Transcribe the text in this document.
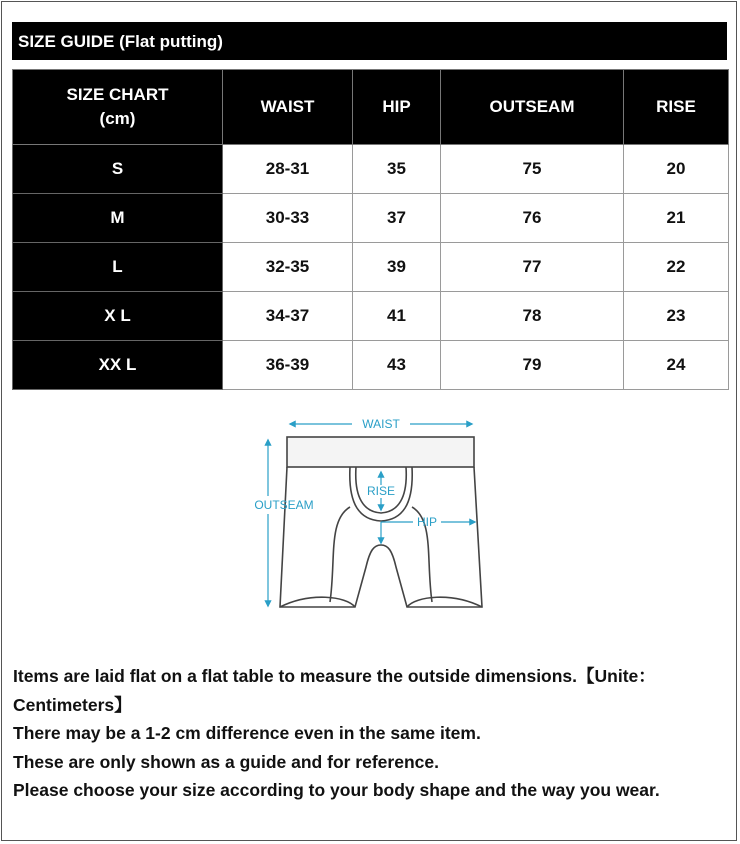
SIZE GUIDE (Flat putting)
SIZE CHART
(cm)	WAIST	HIP	OUTSEAM	RISE
S	28-31	35	75	20
M	30-33	37	76	21
L	32-35	39	77	22
X L	34-37	41	78	23
XX L	36-39	43	79	24
WAIST
RISE
HIP
OUTSEAM

Items are laid flat on a flat table to measure the outside dimensions.【Unite：Centimeters】

There may be a 1-2 cm difference even in the same item.

These are only shown as a guide and for reference.

Please choose your size according to your body shape and the way you wear.
